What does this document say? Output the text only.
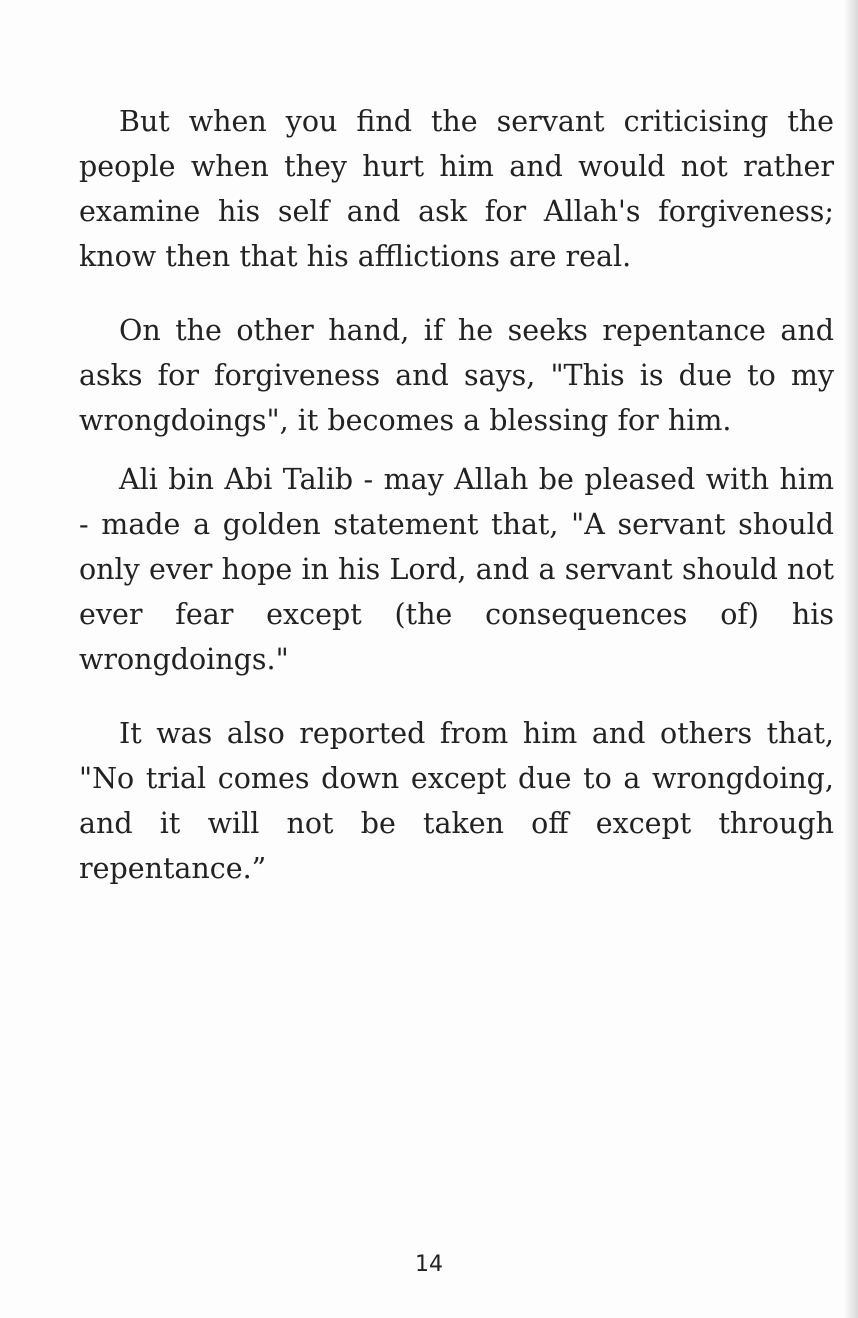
But when you find the servant criticising the people when they hurt him and would not rather examine his self and ask for Allah's forgiveness; know then that his afflictions are real.

On the other hand, if he seeks repentance and asks for forgiveness and says, "This is due to my wrongdoings", it becomes a blessing for him.

Ali bin Abi Talib - may Allah be pleased with him - made a golden statement that, "A servant should only ever hope in his Lord, and a servant should not ever fear except (the consequences of) his wrongdoings."

It was also reported from him and others that, "No trial comes down except due to a wrongdoing, and it will not be taken off except through repentance.”

14
